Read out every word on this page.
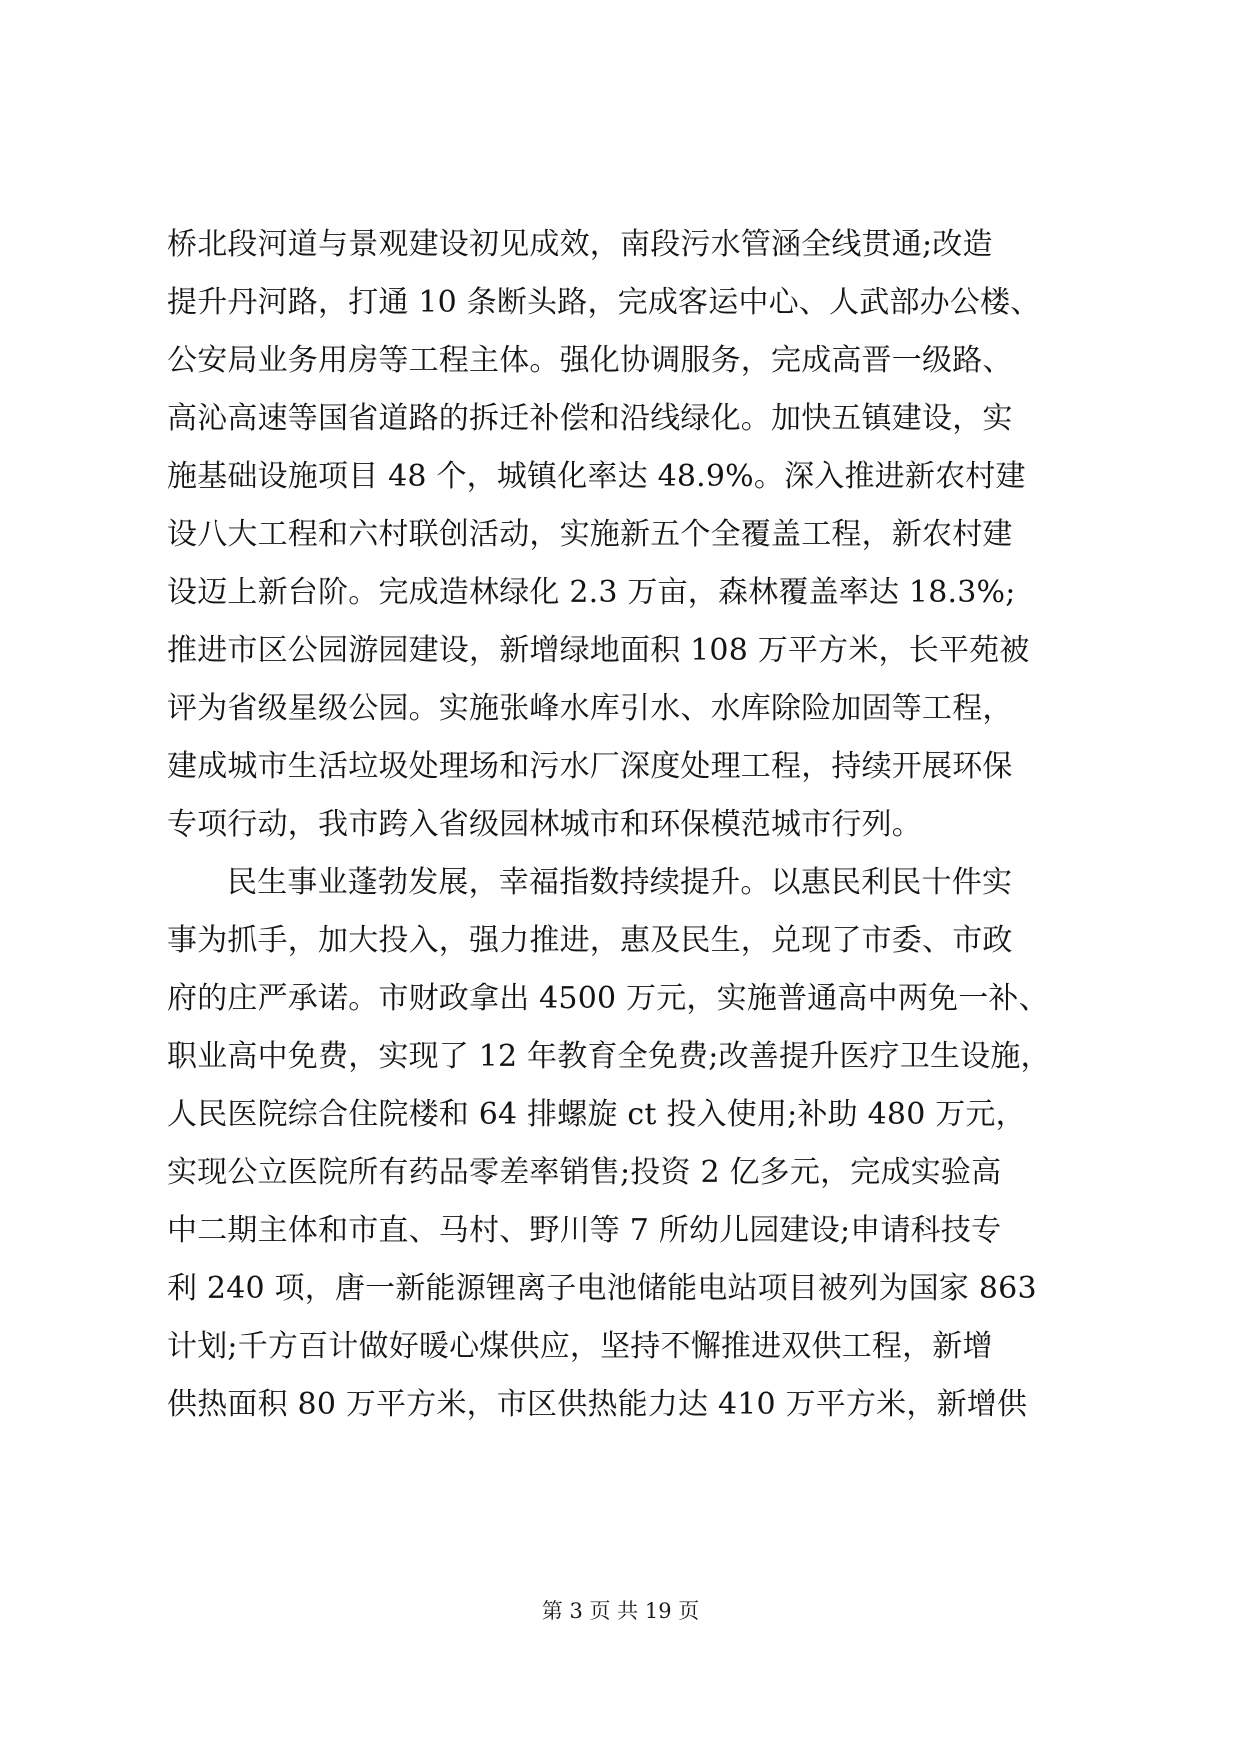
桥北段河道与景观建设初见成效，南段污水管涵全线贯通;改造
提升丹河路，打通 10 条断头路，完成客运中心、人武部办公楼、
公安局业务用房等工程主体。强化协调服务，完成高晋一级路、
高沁高速等国省道路的拆迁补偿和沿线绿化。加快五镇建设，实
施基础设施项目 48 个，城镇化率达 48.9%。深入推进新农村建
设八大工程和六村联创活动，实施新五个全覆盖工程，新农村建
设迈上新台阶。完成造林绿化 2.3 万亩，森林覆盖率达 18.3%;
推进市区公园游园建设，新增绿地面积 108 万平方米，长平苑被
评为省级星级公园。实施张峰水库引水、水库除险加固等工程，
建成城市生活垃圾处理场和污水厂深度处理工程，持续开展环保
专项行动，我市跨入省级园林城市和环保模范城市行列。
民生事业蓬勃发展，幸福指数持续提升。以惠民利民十件实
事为抓手，加大投入，强力推进，惠及民生，兑现了市委、市政
府的庄严承诺。市财政拿出 4500 万元，实施普通高中两免一补、
职业高中免费，实现了 12 年教育全免费;改善提升医疗卫生设施，
人民医院综合住院楼和 64 排螺旋 ct 投入使用;补助 480 万元，
实现公立医院所有药品零差率销售;投资 2 亿多元，完成实验高
中二期主体和市直、马村、野川等 7 所幼儿园建设;申请科技专
利 240 项，唐一新能源锂离子电池储能电站项目被列为国家 863
计划;千方百计做好暖心煤供应，坚持不懈推进双供工程，新增
供热面积 80 万平方米，市区供热能力达 410 万平方米，新增供
第 3 页 共 19 页
